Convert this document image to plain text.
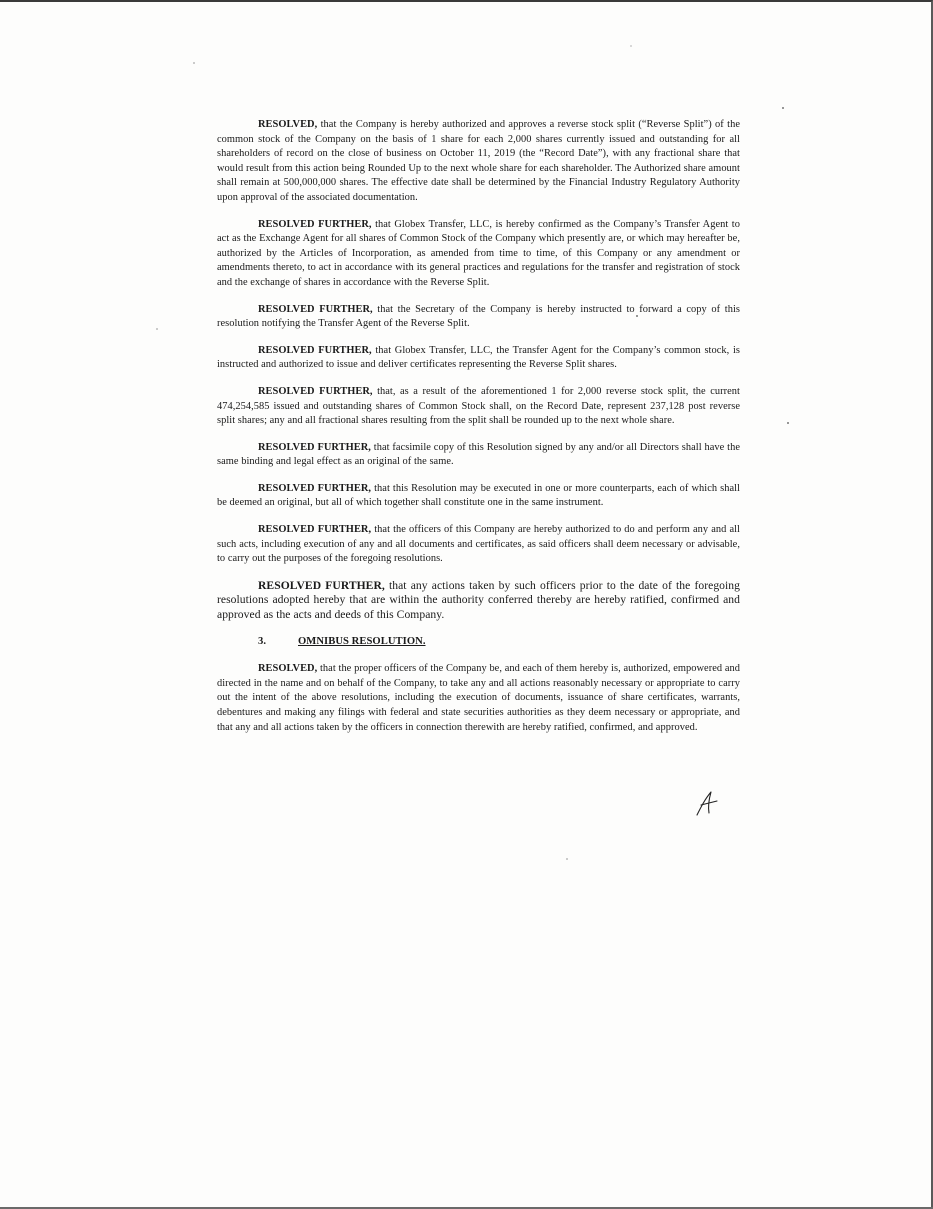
RESOLVED, that the Company is hereby authorized and approves a reverse stock split (“Reverse Split”) of the common stock of the Company on the basis of 1 share for each 2,000 shares currently issued and outstanding for all shareholders of record on the close of business on October 11, 2019 (the “Record Date”), with any fractional share that would result from this action being Rounded Up to the next whole share for each shareholder. The Authorized share amount shall remain at 500,000,000 shares. The effective date shall be determined by the Financial Industry Regulatory Authority upon approval of the associated documentation.

RESOLVED FURTHER, that Globex Transfer, LLC, is hereby confirmed as the Company’s Transfer Agent to act as the Exchange Agent for all shares of Common Stock of the Company which presently are, or which may hereafter be, authorized by the Articles of Incorporation, as amended from time to time, of this Company or any amendment or amendments thereto, to act in accordance with its general practices and regulations for the transfer and registration of stock and the exchange of shares in accordance with the Reverse Split.

RESOLVED FURTHER, that the Secretary of the Company is hereby instructed to forward a copy of this resolution notifying the Transfer Agent of the Reverse Split.

RESOLVED FURTHER, that Globex Transfer, LLC, the Transfer Agent for the Company’s common stock, is instructed and authorized to issue and deliver certificates representing the Reverse Split shares.

RESOLVED FURTHER, that, as a result of the aforementioned 1 for 2,000 reverse stock split, the current 474,254,585 issued and outstanding shares of Common Stock shall, on the Record Date, represent 237,128 post reverse split shares; any and all fractional shares resulting from the split shall be rounded up to the next whole share.

RESOLVED FURTHER, that facsimile copy of this Resolution signed by any and/or all Directors shall have the same binding and legal effect as an original of the same.

RESOLVED FURTHER, that this Resolution may be executed in one or more counterparts, each of which shall be deemed an original, but all of which together shall constitute one in the same instrument.

RESOLVED FURTHER, that the officers of this Company are hereby authorized to do and perform any and all such acts, including execution of any and all documents and certificates, as said officers shall deem necessary or advisable, to carry out the purposes of the foregoing resolutions.

RESOLVED FURTHER, that any actions taken by such officers prior to the date of the foregoing resolutions adopted hereby that are within the authority conferred thereby are hereby ratified, confirmed and approved as the acts and deeds of this Company.

3.	OMNIBUS RESOLUTION.

RESOLVED, that the proper officers of the Company be, and each of them hereby is, authorized, empowered and directed in the name and on behalf of the Company, to take any and all actions reasonably necessary or appropriate to carry out the intent of the above resolutions, including the execution of documents, issuance of share certificates, warrants, debentures and making any filings with federal and state securities authorities as they deem necessary or appropriate, and that any and all actions taken by the officers in connection therewith are hereby ratified, confirmed, and approved.
